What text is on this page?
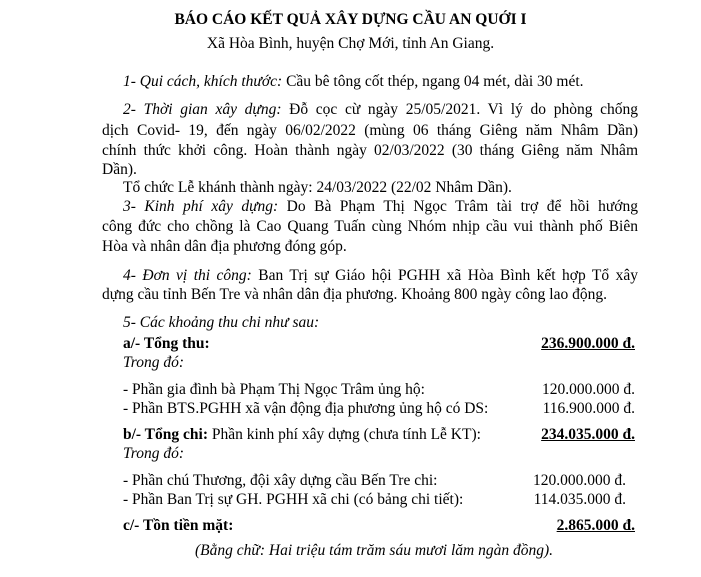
BÁO CÁO KẾT QUẢ XÂY DỰNG CẦU AN QUỚI I
Xã Hòa Bình, huyện Chợ Mới, tỉnh An Giang.
1- Qui cách, khích thước: Cầu bê tông cốt thép, ngang 04 mét, dài 30 mét.
2- Thời gian xây dựng: Đỗ cọc cừ ngày 25/05/2021. Vì lý do phòng chống
dịch Covid- 19, đến ngày 06/02/2022 (mùng 06 tháng Giêng năm Nhâm Dần)
chính thức khởi công. Hoàn thành ngày 02/03/2022 (30 tháng Giêng năm Nhâm
Dần).
Tổ chức Lễ khánh thành ngày: 24/03/2022 (22/02 Nhâm Dần).
3- Kinh phí xây dựng: Do Bà Phạm Thị Ngọc Trâm tài trợ để hồi hướng
công đức cho chồng là Cao Quang Tuấn cùng Nhóm nhịp cầu vui thành phố Biên
Hòa và nhân dân địa phương đóng góp.
4- Đơn vị thi công: Ban Trị sự Giáo hội PGHH xã Hòa Bình kết hợp Tổ xây
dựng cầu tỉnh Bến Tre và nhân dân địa phương. Khoảng 800 ngày công lao động.
5- Các khoảng thu chi như sau:
a/- Tổng thu:	236.900.000 đ.
Trong đó:
- Phần gia đình bà Phạm Thị Ngọc Trâm ủng hộ:	120.000.000 đ.
- Phần BTS.PGHH xã vận động địa phương ủng hộ có DS:	116.900.000 đ.
b/- Tổng chi: Phần kinh phí xây dựng (chưa tính Lễ KT):	234.035.000 đ.
Trong đó:
- Phần chú Thương, đội xây dựng cầu Bến Tre chi:	120.000.000 đ.
- Phần Ban Trị sự GH. PGHH xã chi (có bảng chi tiết):	114.035.000 đ.
c/- Tồn tiền mặt:	2.865.000 đ.
(Bằng chữ: Hai triệu tám trăm sáu mươi lăm ngàn đồng).
